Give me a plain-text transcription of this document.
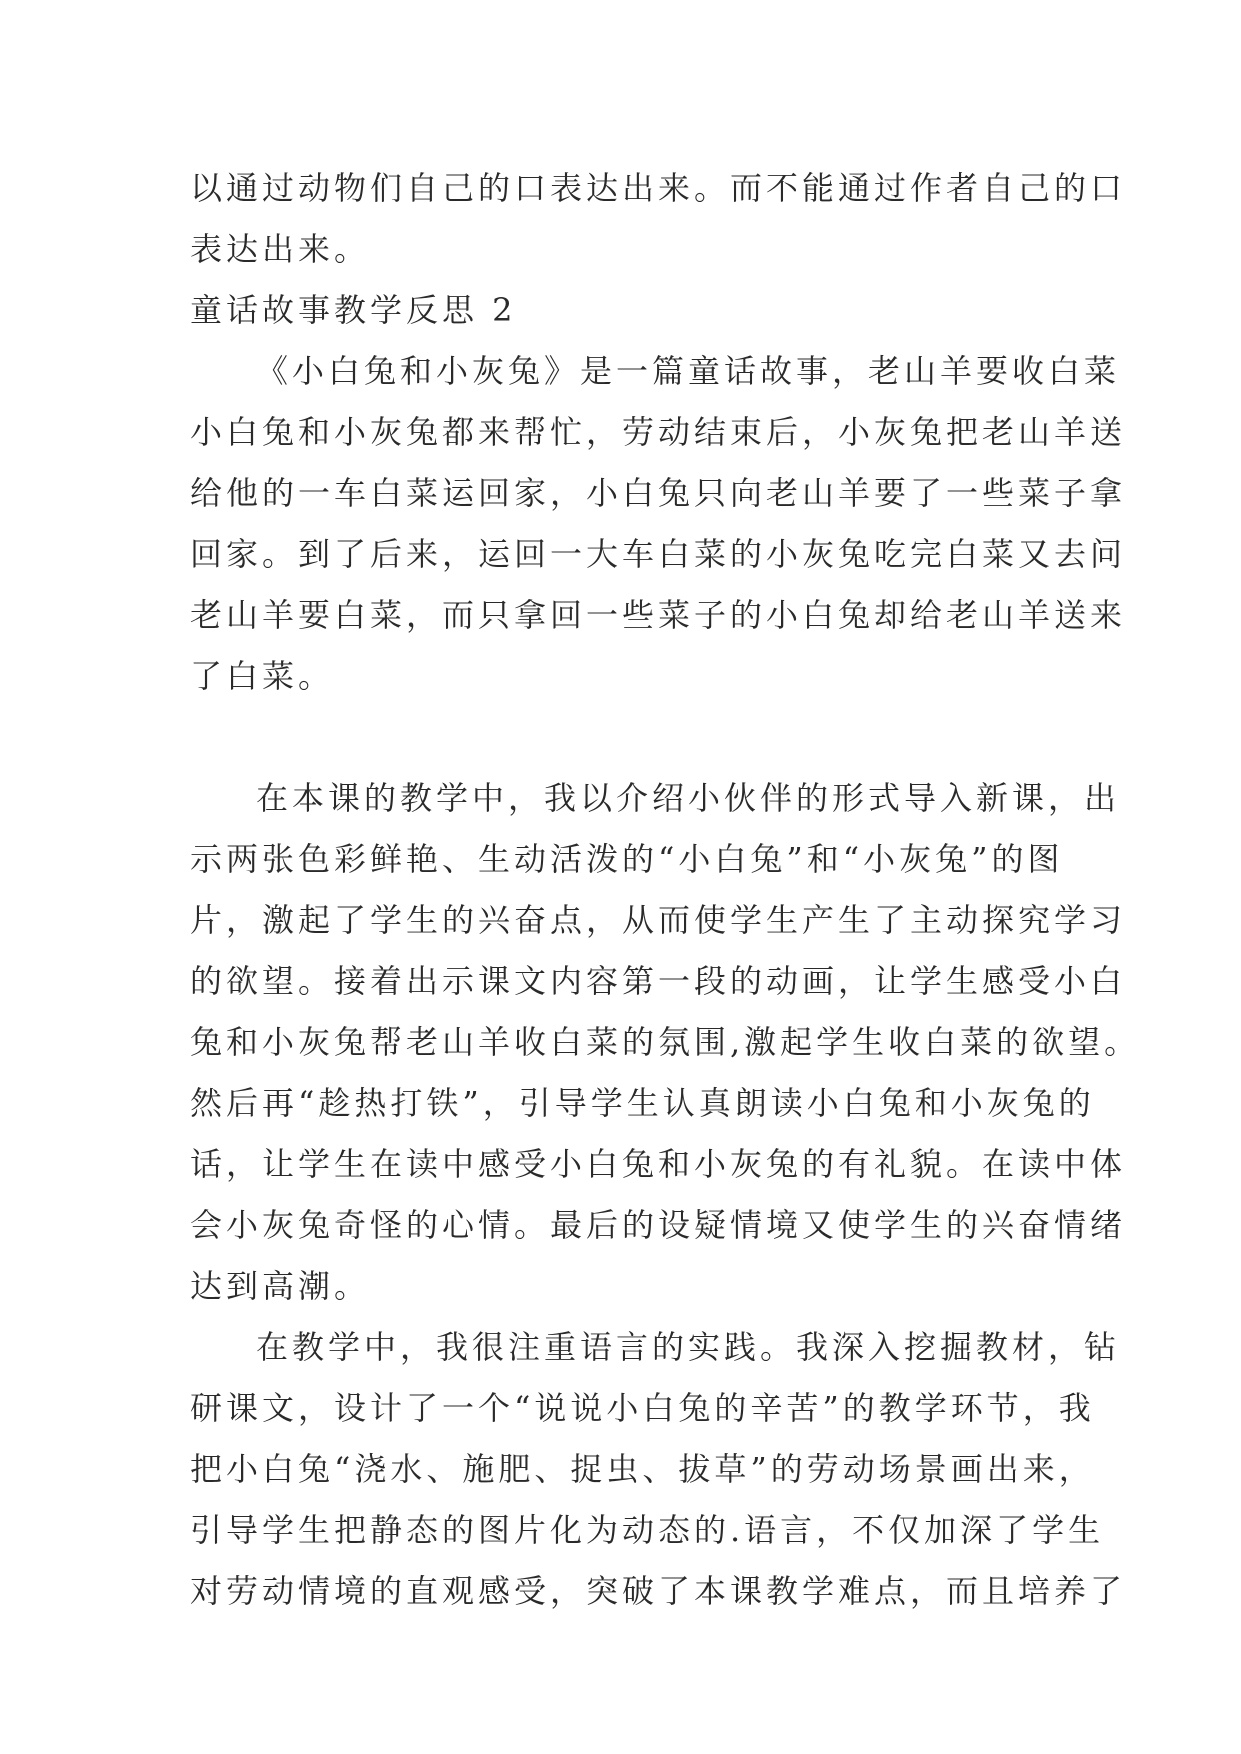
以通过动物们自己的口表达出来。而不能通过作者自己的口
表达出来。
童话故事教学反思 2
《小白兔和小灰兔》是一篇童话故事，老山羊要收白菜
小白兔和小灰兔都来帮忙，劳动结束后，小灰兔把老山羊送
给他的一车白菜运回家，小白兔只向老山羊要了一些菜子拿
回家。到了后来，运回一大车白菜的小灰兔吃完白菜又去问
老山羊要白菜，而只拿回一些菜子的小白兔却给老山羊送来
了白菜。
在本课的教学中，我以介绍小伙伴的形式导入新课，出
示两张色彩鲜艳、生动活泼的“小白兔”和“小灰兔”的图
片，激起了学生的兴奋点，从而使学生产生了主动探究学习
的欲望。接着出示课文内容第一段的动画，让学生感受小白
兔和小灰兔帮老山羊收白菜的氛围,激起学生收白菜的欲望。
然后再“趁热打铁”，引导学生认真朗读小白兔和小灰兔的
话，让学生在读中感受小白兔和小灰兔的有礼貌。在读中体
会小灰兔奇怪的心情。最后的设疑情境又使学生的兴奋情绪
达到高潮。
在教学中，我很注重语言的实践。我深入挖掘教材，钻
研课文，设计了一个“说说小白兔的辛苦”的教学环节，我
把小白兔“浇水、施肥、捉虫、拔草”的劳动场景画出来，
引导学生把静态的图片化为动态的.语言，不仅加深了学生
对劳动情境的直观感受，突破了本课教学难点，而且培养了
